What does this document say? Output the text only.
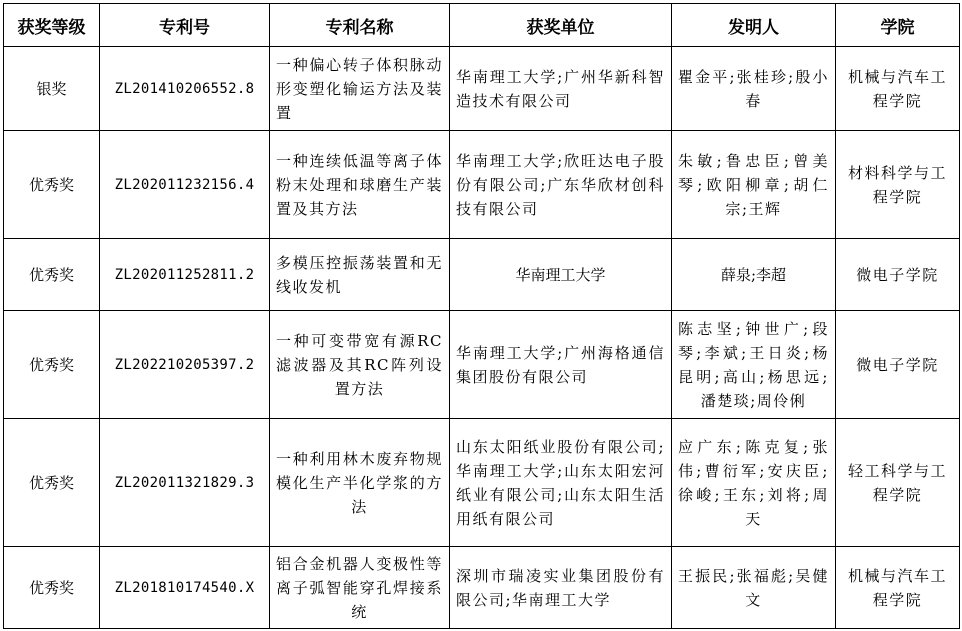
获奖等级	专利号	专利名称	获奖单位	发明人	学院
银奖	ZL201410206552.8	一种偏心转子体积脉动形变塑化输运方法及装置	华南理工大学;广州华新科智造技术有限公司	瞿金平;张桂珍;殷小春	机械与汽车工程学院
优秀奖	ZL202011232156.4	一种连续低温等离子体粉末处理和球磨生产装置及其方法	华南理工大学;欣旺达电子股份有限公司;广东华欣材创科技有限公司	朱敏;鲁忠臣;曾美琴;欧阳柳章;胡仁宗;王辉	材料科学与工程学院
优秀奖	ZL202011252811.2	多模压控振荡装置和无线收发机	华南理工大学	薛泉;李超	微电子学院
优秀奖	ZL202210205397.2	一种可变带宽有源RC滤波器及其RC阵列设置方法	华南理工大学;广州海格通信集团股份有限公司	陈志坚;钟世广;段琴;李斌;王日炎;杨昆明;高山;杨思远;潘楚琰;周伶俐	微电子学院
优秀奖	ZL202011321829.3	一种利用林木废弃物规模化生产半化学浆的方法	山东太阳纸业股份有限公司;华南理工大学;山东太阳宏河纸业有限公司;山东太阳生活用纸有限公司	应广东;陈克复;张伟;曹衍军;安庆臣;徐峻;王东;刘将;周天	轻工科学与工程学院
优秀奖	ZL201810174540.X	铝合金机器人变极性等离子弧智能穿孔焊接系统	深圳市瑞凌实业集团股份有限公司;华南理工大学	王振民;张福彪;吴健文	机械与汽车工程学院
